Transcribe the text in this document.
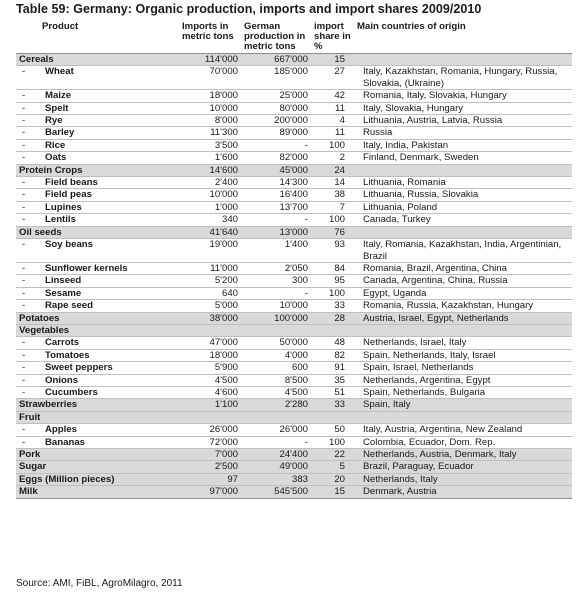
Table 59: Germany: Organic production, imports and import shares 2009/2010
Product	Imports in metric tons	German production in metric tons	import share in %	Main countries of origin
Cereals	114'000	667'000	15	
- Wheat	70'000	185'000	27	Italy, Kazakhstan, Romania, Hungary, Russia, Slovakia, (Ukraine)
- Maize	18'000	25'000	42	Romania, Italy, Slovakia, Hungary
- Spelt	10'000	80'000	11	Italy, Slovakia, Hungary
- Rye	8'000	200'000	4	Lithuania, Austria, Latvia, Russia
- Barley	11'300	89'000	11	Russia
- Rice	3'500	-	100	Italy, India, Pakistan
- Oats	1'600	82'000	2	Finland, Denmark, Sweden
Protein Crops	14'600	45'000	24	
- Field beans	2'400	14'300	14	Lithuania, Romania
- Field peas	10'000	16'400	38	Lithuania, Russia, Slovakia
- Lupines	1'000	13'700	7	Lithuania, Poland
- Lentils	340	-	100	Canada, Turkey
Oil seeds	41'640	13'000	76	
- Soy beans	19'000	1'400	93	Italy, Romania, Kazakhstan, India, Argentinian, Brazil
- Sunflower kernels	11'000	2'050	84	Romania, Brazil, Argentina, China
- Linseed	5'200	300	95	Canada, Argentina, China, Russia
- Sesame	640	-	100	Egypt, Uganda
- Rape seed	5'000	10'000	33	Romania, Russia, Kazakhstan, Hungary
Potatoes	38'000	100'000	28	Austria, Israel, Egypt, Netherlands
Vegetables				
- Carrots	47'000	50'000	48	Netherlands, Israel, Italy
- Tomatoes	18'000	4'000	82	Spain, Netherlands, Italy, Israel
- Sweet peppers	5'900	600	91	Spain, Israel, Netherlands
- Onions	4'500	8'500	35	Netherlands, Argentina, Egypt
- Cucumbers	4'600	4'500	51	Spain, Netherlands, Bulgaria
Strawberries	1'100	2'280	33	Spain, Italy
Fruit				
- Apples	26'000	26'000	50	Italy, Austria, Argentina, New Zealand
- Bananas	72'000	-	100	Colombia, Ecuador, Dom. Rep.
Pork	7'000	24'400	22	Netherlands, Austria, Denmark, Italy
Sugar	2'500	49'000	5	Brazil, Paraguay, Ecuador
Eggs (Million pieces)	97	383	20	Netherlands, Italy
Milk	97'000	545'500	15	Denmark, Austria
Source: AMI, FiBL, AgroMilagro, 2011
